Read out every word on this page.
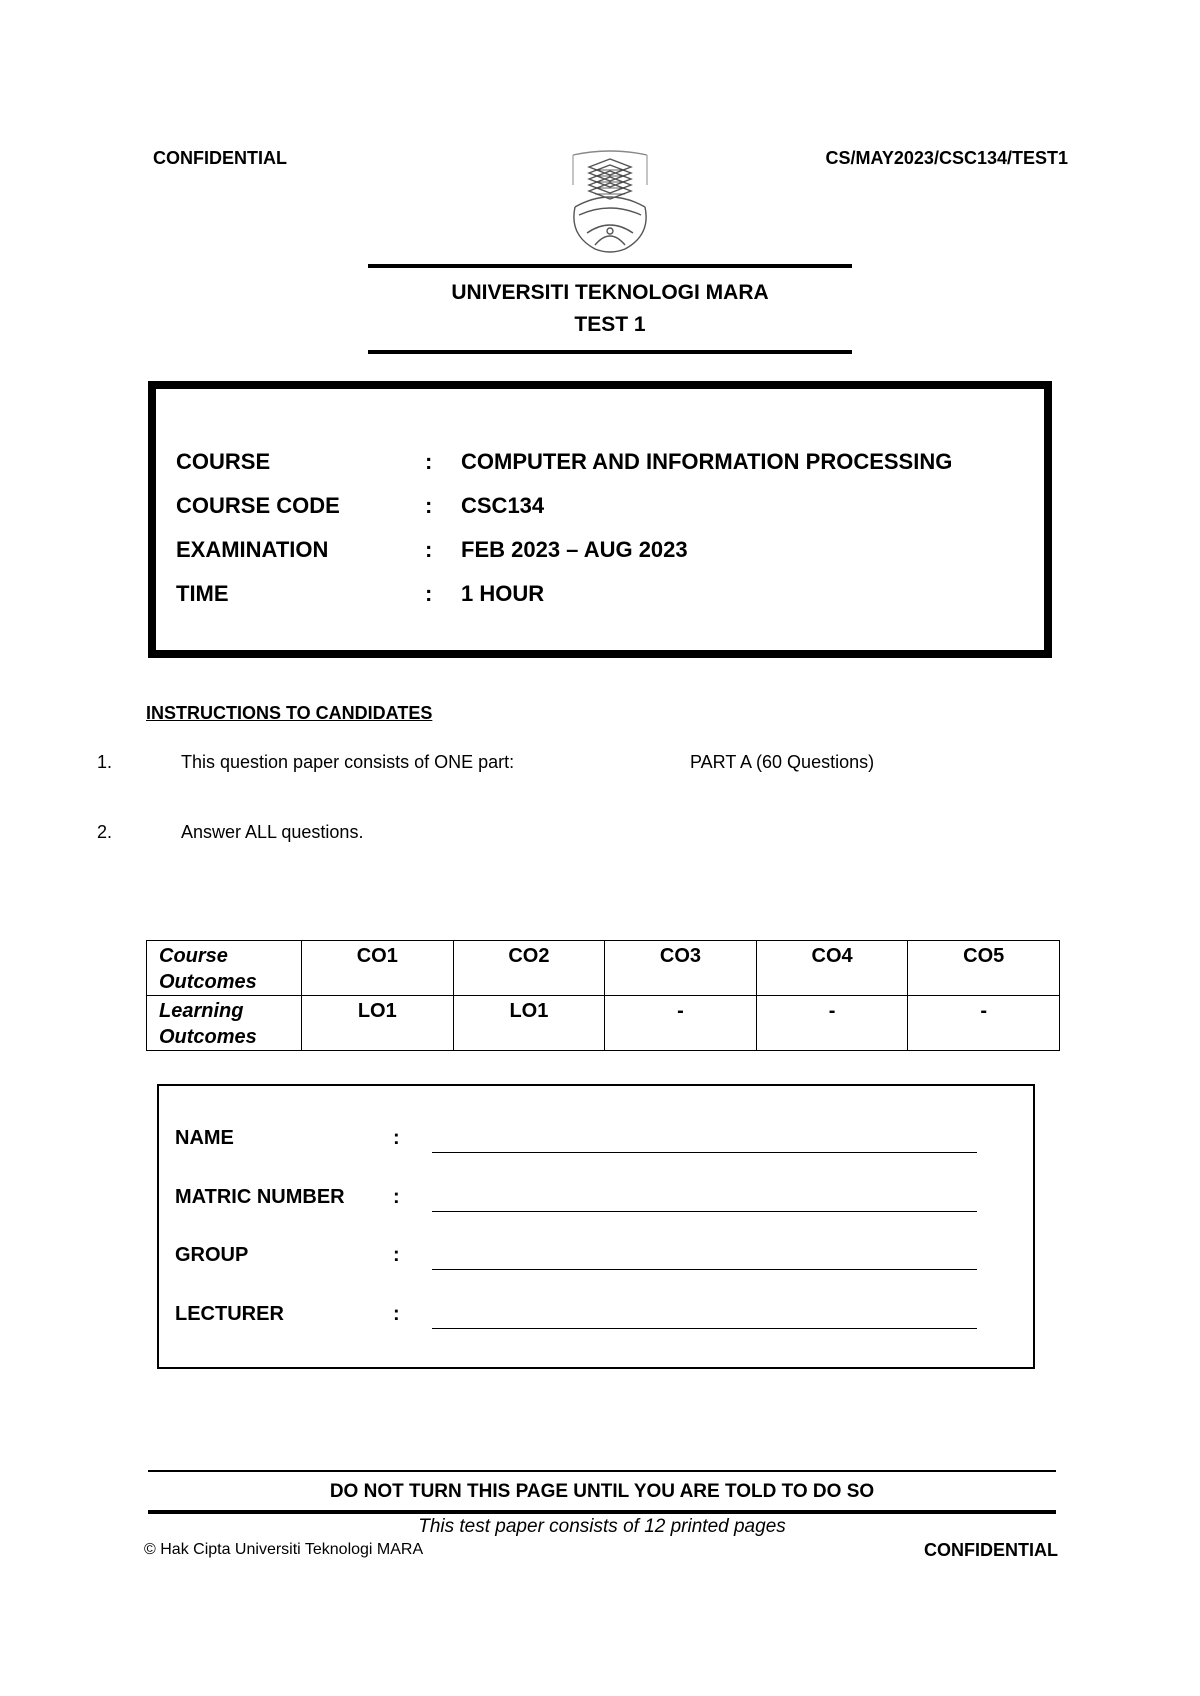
CONFIDENTIAL	CS/MAY2023/CSC134/TEST1
UNIVERSITI TEKNOLOGI MARA
TEST 1
COURSE	: COMPUTER AND INFORMATION PROCESSING
COURSE CODE	: CSC134
EXAMINATION	: FEB 2023 – AUG 2023
TIME	: 1 HOUR
INSTRUCTIONS TO CANDIDATES
1.	This question paper consists of ONE part:	PART A (60 Questions)
2.	Answer ALL questions.
Course Outcomes	CO1	CO2	CO3	CO4	CO5
Learning Outcomes	LO1	LO1	-	-	-
NAME	:
MATRIC NUMBER :
GROUP	:
LECTURER	:
DO NOT TURN THIS PAGE UNTIL YOU ARE TOLD TO DO SO
This test paper consists of 12 printed pages
© Hak Cipta Universiti Teknologi MARA	CONFIDENTIAL
